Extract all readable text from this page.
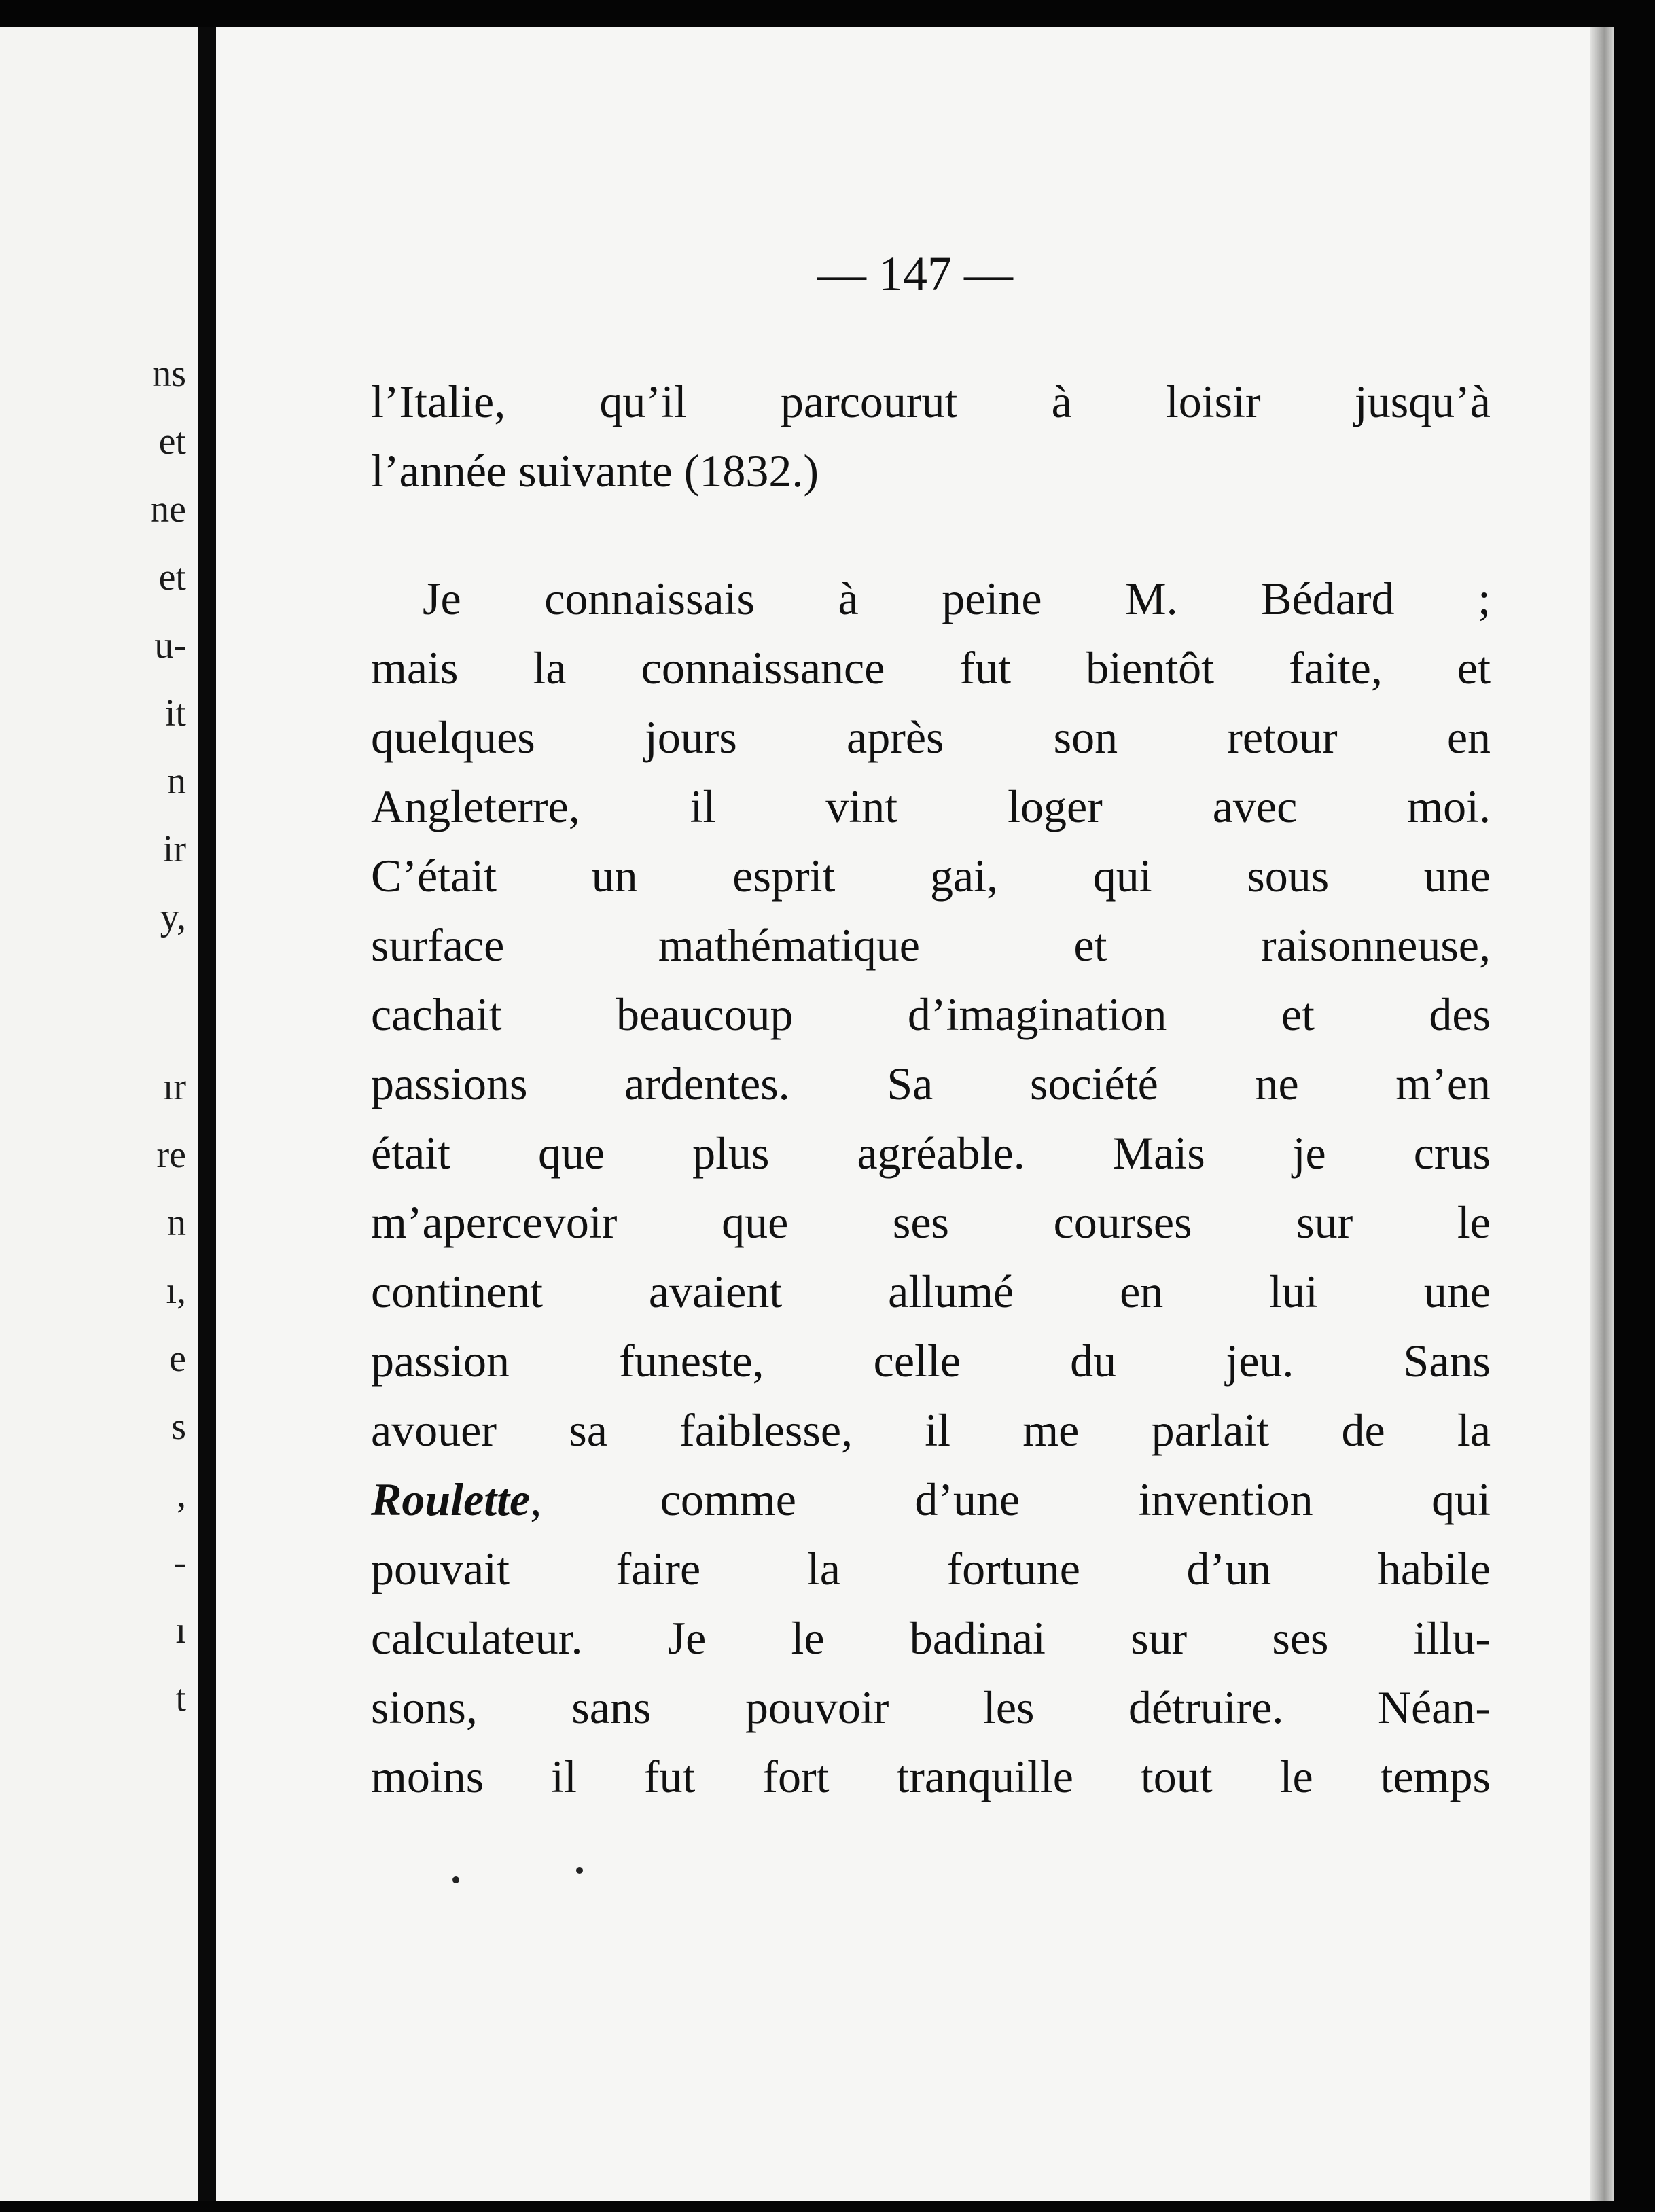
ns
et
ne
et
u-
it
n
ir
y,
ır
re
n
ı,
e
s
,
-
ı
t
— 147 —
l’Italie, qu’il parcourut à loisir jusqu’à
l’année suivante (1832.)
Je connaissais à peine M. Bédard ;
mais la connaissance fut bientôt faite, et
quelques jours après son retour en
Angleterre, il vint loger avec moi.
C’était un esprit gai, qui sous une
surface mathématique et raisonneuse,
cachait beaucoup d’imagination et des
passions ardentes. Sa société ne m’en
était que plus agréable. Mais je crus
m’apercevoir que ses courses sur le
continent avaient allumé en lui une
passion funeste, celle du jeu. Sans
avouer sa faiblesse, il me parlait de la
Roulette, comme d’une invention qui
pouvait faire la fortune d’un habile
calculateur. Je le badinai sur ses illu-
sions, sans pouvoir les détruire. Néan-
moins il fut fort tranquille tout le temps
